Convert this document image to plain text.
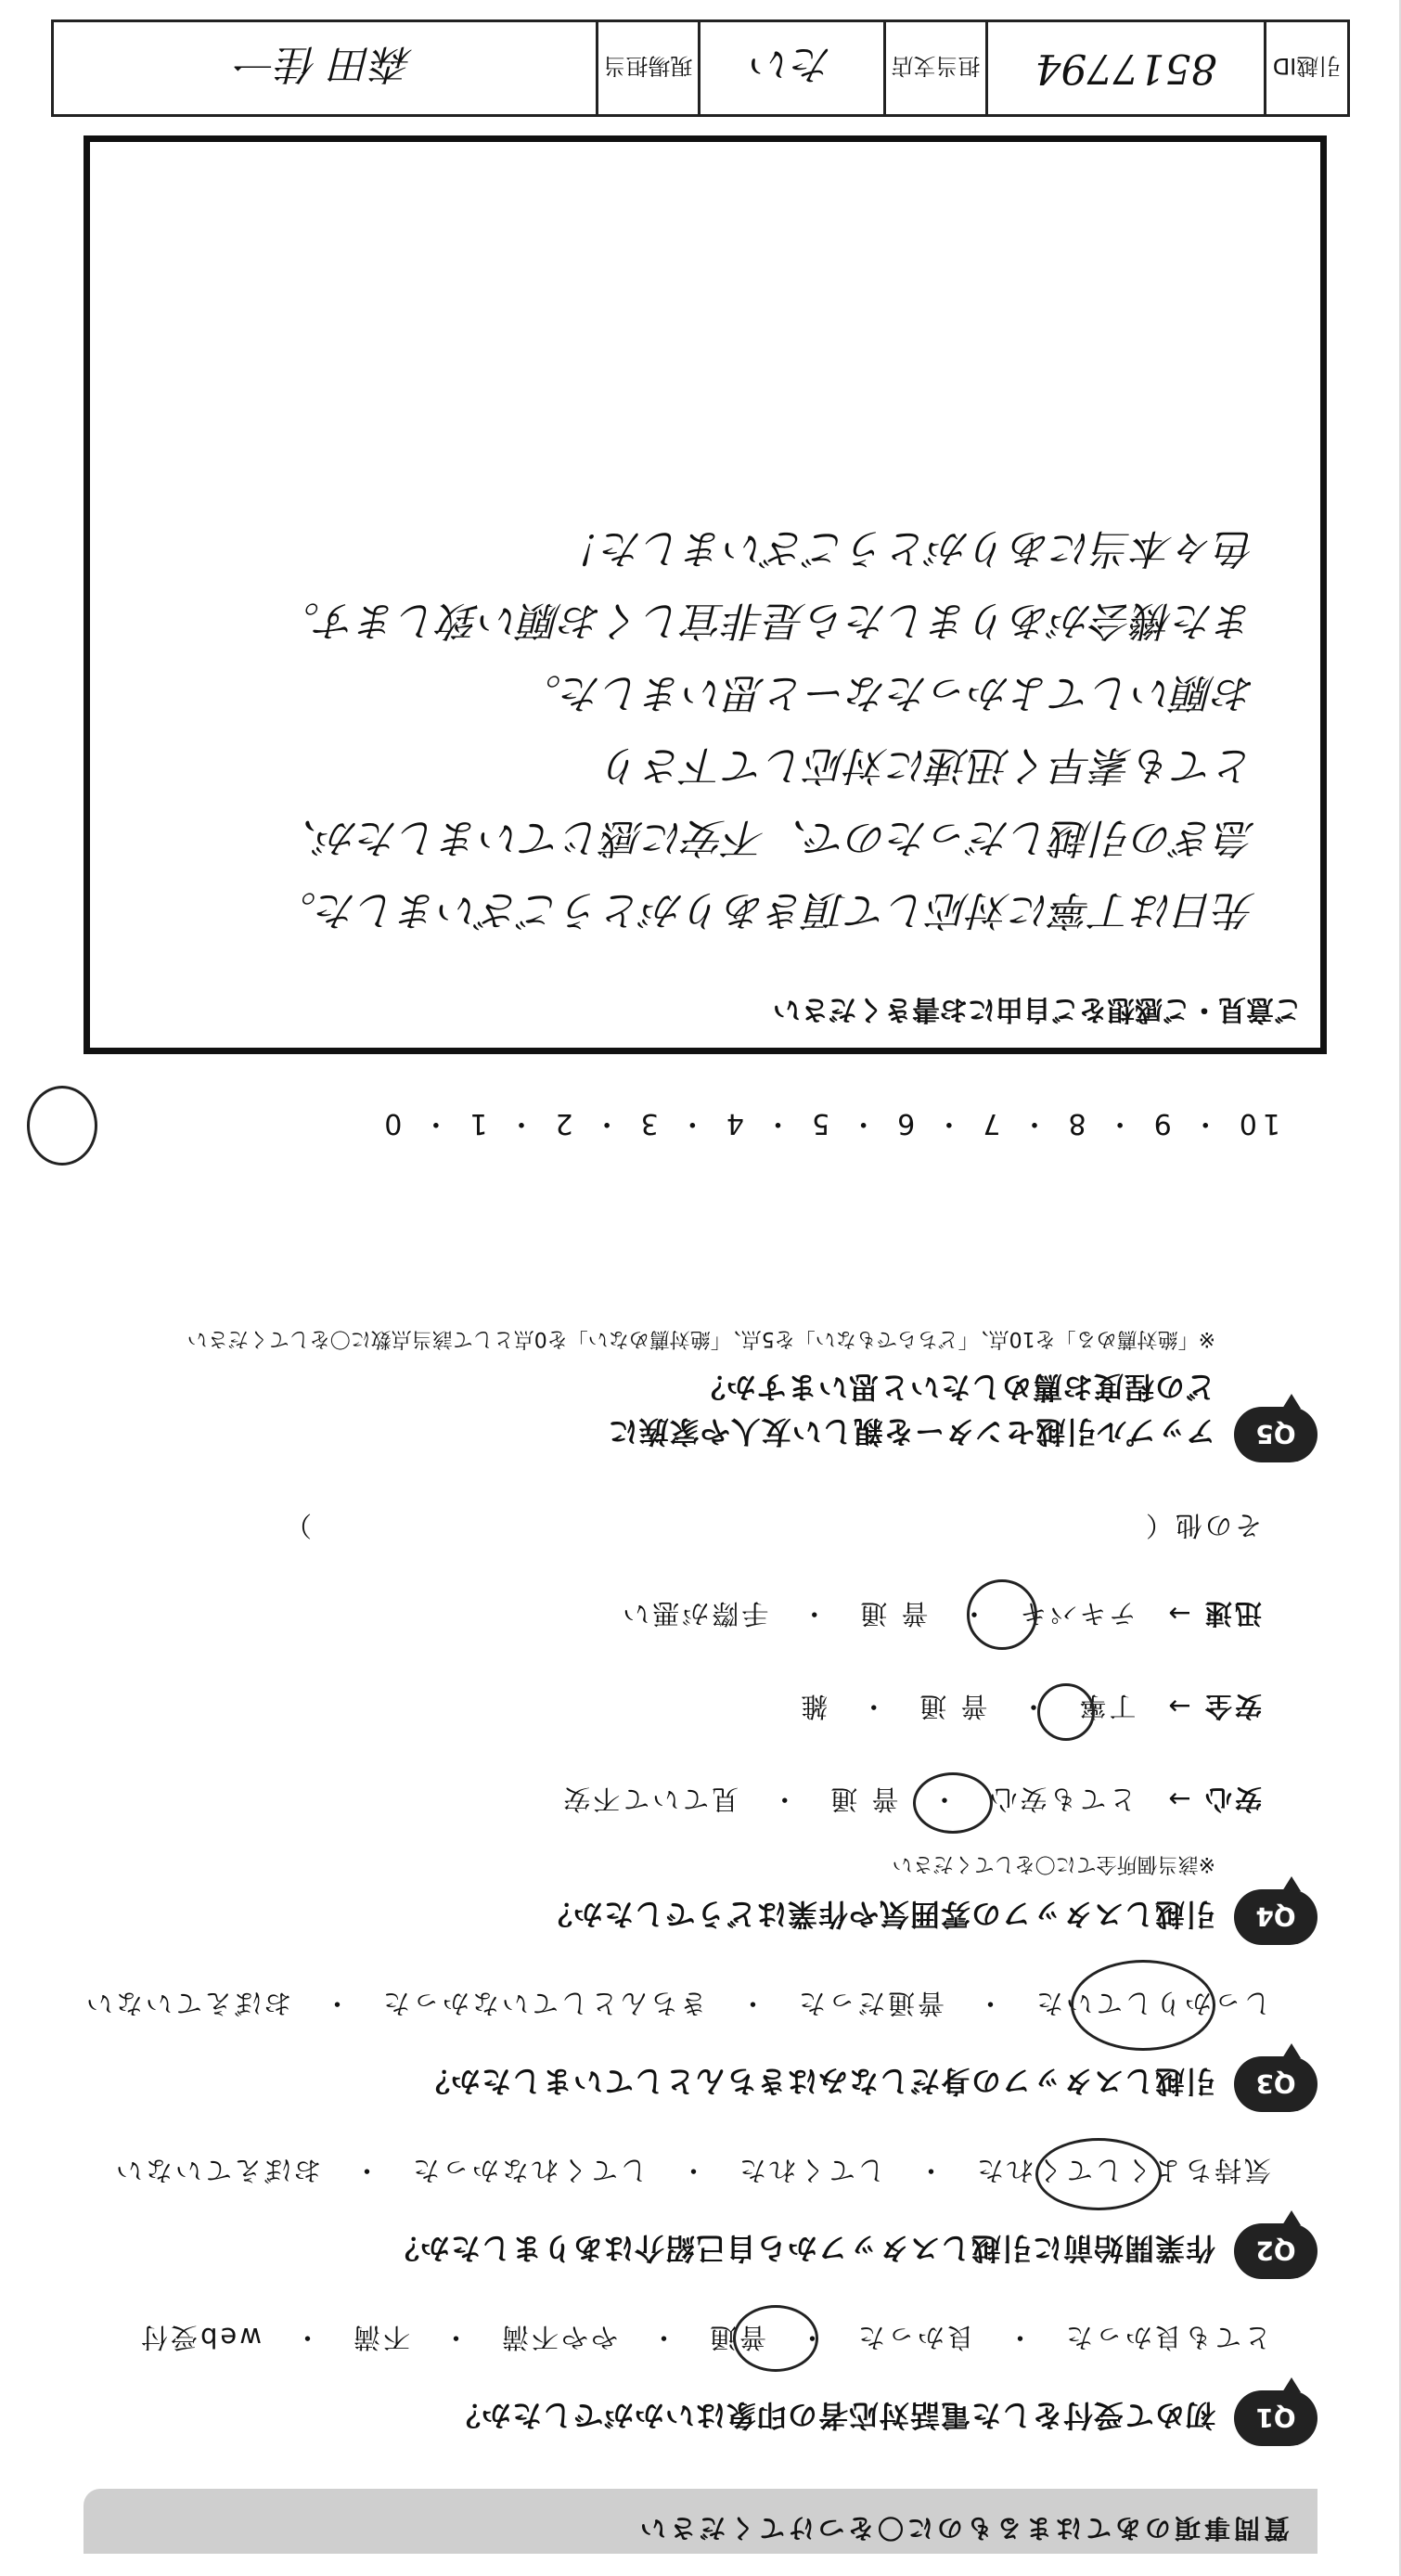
質問事項のあてはまるものに〇をつけてください
Q1
初めて受付をした電話対応者の印象はいかがでしたか？
とても良かった　・　良かった　・　普通　・　やや不満　・　不満　・　web受付
Q2
作業開始前に引越しスタッフから自己紹介はありましたか？
気持ちよくしてくれた　・　してくれた　・　してくれなかった　・　おぼえていない
Q3
引越しスタッフの身だしなみはきちんとしていましたか？
しっかりしていた　・　普通だった　・　きちんとしていなかった　・　おぼえていない
Q4
引越しスタッフの雰囲気や作業はどうでしたか？
※該当個所全てに〇をしてください
安心 →　とても安心　・　普 通　・　見ていて不安
安全 →　丁寧　・　普 通　・　雑
迅速 →　テキパキ　・　普 通　・　手際が悪い
その他（　　　　　　　　　　　　　　　　　　　　　　　　　　　　）
Q5
アップル引越センターを親しい友人や家族に
どの程度お薦めしたいと思いますか？
※「絶対薦める」を10点、「どちらでもない」を5点、「絶対薦めない」を0点として該当点数に〇をしてください
10 ・ 9 ・ 8 ・ 7 ・ 6 ・ 5 ・ 4 ・ 3 ・ 2 ・ 1 ・ 0
ご意見・ご感想をご自由にお書きください
先日は丁寧に対応して頂きありがとうございました。
急ぎの引越しだったので、不安に感じていましたが、
とても素早く迅速に対応して下さり
お願いしてよかったなーと思いました。
また機会がありましたら是非宜しくお願い致します。
色々本当にありがとうございました！
引越ID
8517794
担当支店
たい
現場担当
森田 佳一
